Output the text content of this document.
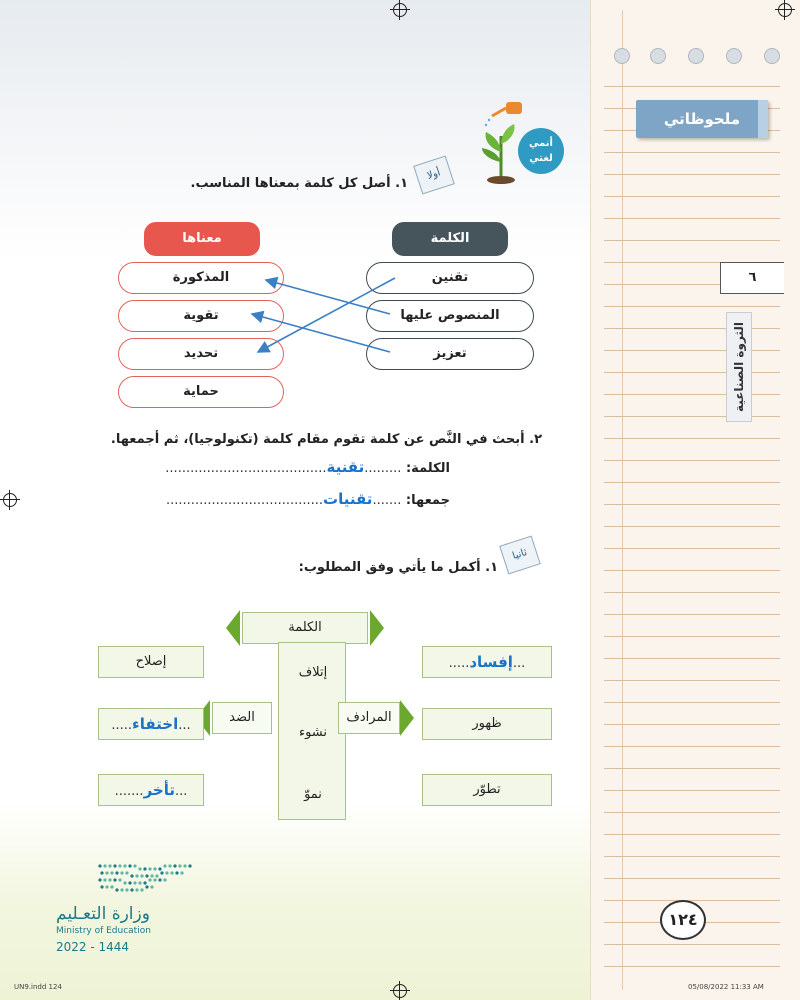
ملحوظاتي
٦
الثروة الصناعية
أنمي لغتي
أولا
١. أصل كل كلمة بمعناها المناسب.
الكلمة
معناها
تقنين
المنصوص عليها
تعزيز
المذكورة
تقوية
تحديد
حماية
٢. أبحث في النَّص عن كلمة تقوم مقام كلمة (تكنولوجيا)، ثم أجمعها.
الكلمة: .........تقنية.......................................
جمعها: .......تقنيات......................................
ثانيا
١. أكمل ما يأتي وفق المطلوب:
الكلمة
إتلاف
نشوء
نموّ
المرادف
الضد
...إفساد.....
ظهور
تطوّر
إصلاح
...اختفاء.....
...تأخر.......
وزارة التعـليم
Ministry of Education
2022 - 1444
١٢٤
UN9.indd 124	05/08/2022 11:33 AM
